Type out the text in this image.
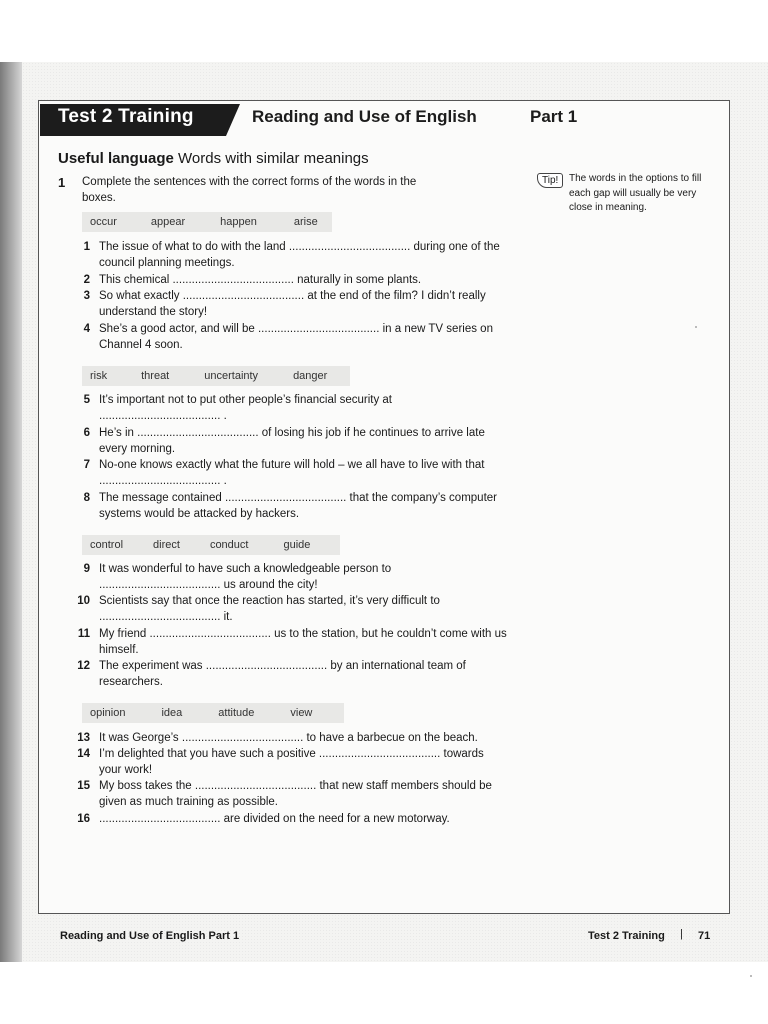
Test 2 Training	Reading and Use of English	Part 1
Useful language Words with similar meanings
1 Complete the sentences with the correct forms of the words in the boxes.
Tip!	The words in the options to fill each gap will usually be very close in meaning.
occur	appear	happen	arise
1 The issue of what to do with the land ...................................... during one of the council planning meetings.
2 This chemical ...................................... naturally in some plants.
3 So what exactly ...................................... at the end of the film? I didn’t really understand the story!
4 She’s a good actor, and will be ...................................... in a new TV series on Channel 4 soon.
risk	threat	uncertainty	danger
5 It’s important not to put other people’s financial security at ...................................... .
6 He’s in ...................................... of losing his job if he continues to arrive late every morning.
7 No-one knows exactly what the future will hold – we all have to live with that ...................................... .
8 The message contained ...................................... that the company’s computer systems would be attacked by hackers.
control	direct	conduct	guide
9 It was wonderful to have such a knowledgeable person to ...................................... us around the city!
10 Scientists say that once the reaction has started, it’s very difficult to ...................................... it.
11 My friend ...................................... us to the station, but he couldn’t come with us himself.
12 The experiment was ...................................... by an international team of researchers.
opinion	idea	attitude	view
13 It was George’s ...................................... to have a barbecue on the beach.
14 I’m delighted that you have such a positive ...................................... towards your work!
15 My boss takes the ...................................... that new staff members should be given as much training as possible.
16 ...................................... are divided on the need for a new motorway.
Reading and Use of English Part 1	Test 2 Training | 71
